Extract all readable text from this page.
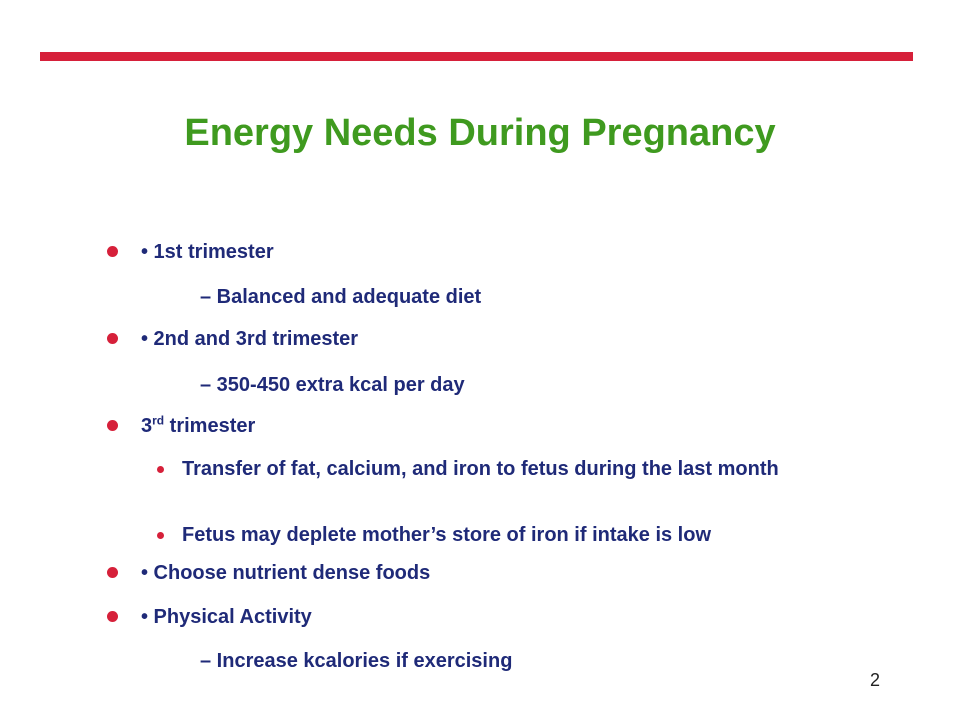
Energy Needs During Pregnancy
• 1st trimester
– Balanced and adequate diet
• 2nd and 3rd trimester
– 350-450 extra kcal per day
3rd trimester
Transfer of fat, calcium, and iron to fetus during the last month
Fetus may deplete mother’s store of iron if intake is low
• Choose nutrient dense foods
• Physical Activity
– Increase kcalories if exercising
2
